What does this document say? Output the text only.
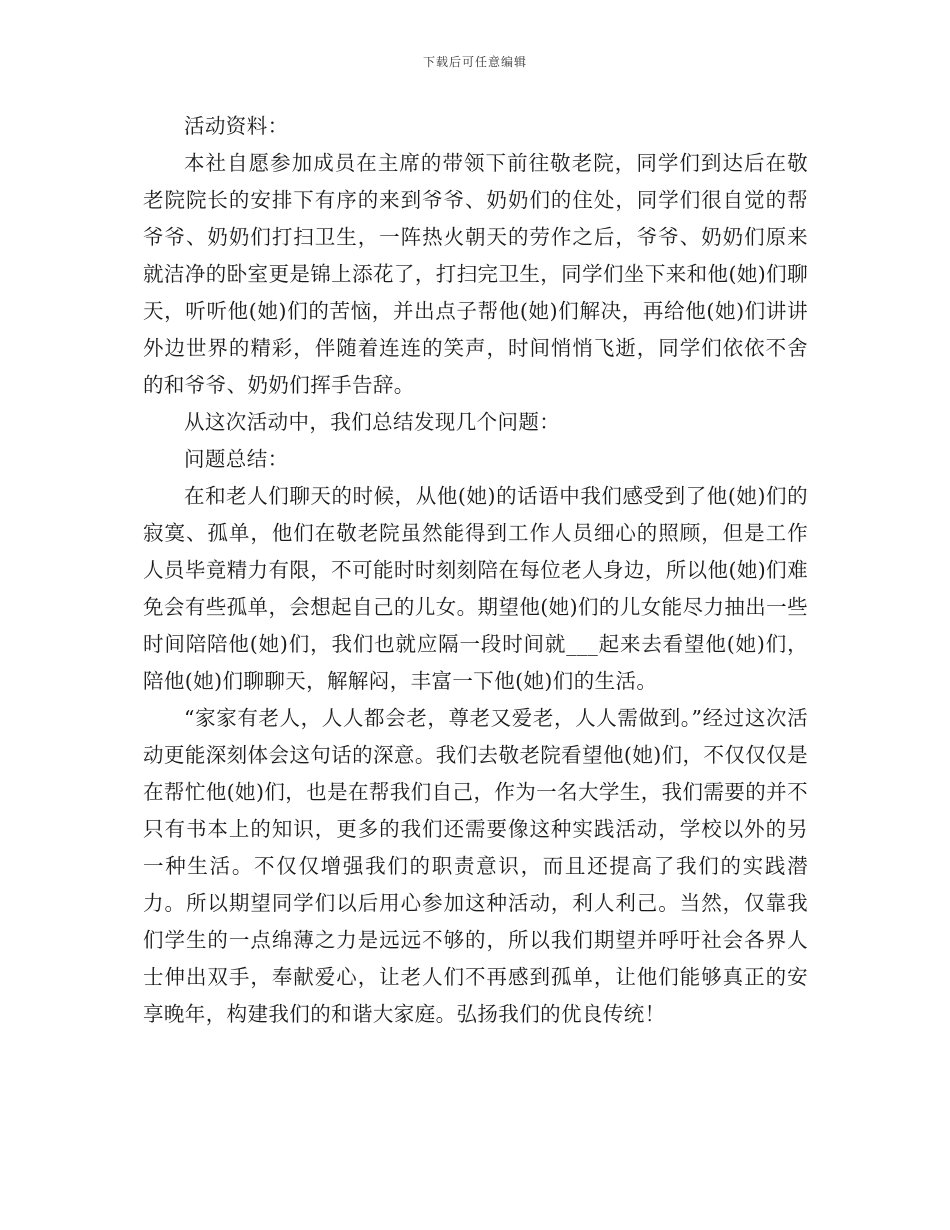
下载后可任意编辑

活动资料：

本社自愿参加成员在主席的带领下前往敬老院，同学们到达后在敬老院院长的安排下有序的来到爷爷、奶奶们的住处，同学们很自觉的帮爷爷、奶奶们打扫卫生，一阵热火朝天的劳作之后，爷爷、奶奶们原来就洁净的卧室更是锦上添花了，打扫完卫生，同学们坐下来和他(她)们聊天，听听他(她)们的苦恼，并出点子帮他(她)们解决，再给他(她)们讲讲外边世界的精彩，伴随着连连的笑声，时间悄悄飞逝，同学们依依不舍的和爷爷、奶奶们挥手告辞。

从这次活动中，我们总结发现几个问题：

问题总结：

在和老人们聊天的时候，从他(她)的话语中我们感受到了他(她)们的寂寞、孤单，他们在敬老院虽然能得到工作人员细心的照顾，但是工作人员毕竟精力有限，不可能时时刻刻陪在每位老人身边，所以他(她)们难免会有些孤单，会想起自己的儿女。期望他(她)们的儿女能尽力抽出一些时间陪陪他(她)们，我们也就应隔一段时间就___起来去看望他(她)们，陪他(她)们聊聊天，解解闷，丰富一下他(她)们的生活。

“家家有老人，人人都会老，尊老又爱老，人人需做到。”经过这次活动更能深刻体会这句话的深意。我们去敬老院看望他(她)们，不仅仅仅是在帮忙他(她)们，也是在帮我们自己，作为一名大学生，我们需要的并不只有书本上的知识，更多的我们还需要像这种实践活动，学校以外的另一种生活。不仅仅增强我们的职责意识，而且还提高了我们的实践潜力。所以期望同学们以后用心参加这种活动，利人利己。当然，仅靠我们学生的一点绵薄之力是远远不够的，所以我们期望并呼吁社会各界人士伸出双手，奉献爱心，让老人们不再感到孤单，让他们能够真正的安享晚年，构建我们的和谐大家庭。弘扬我们的优良传统！
